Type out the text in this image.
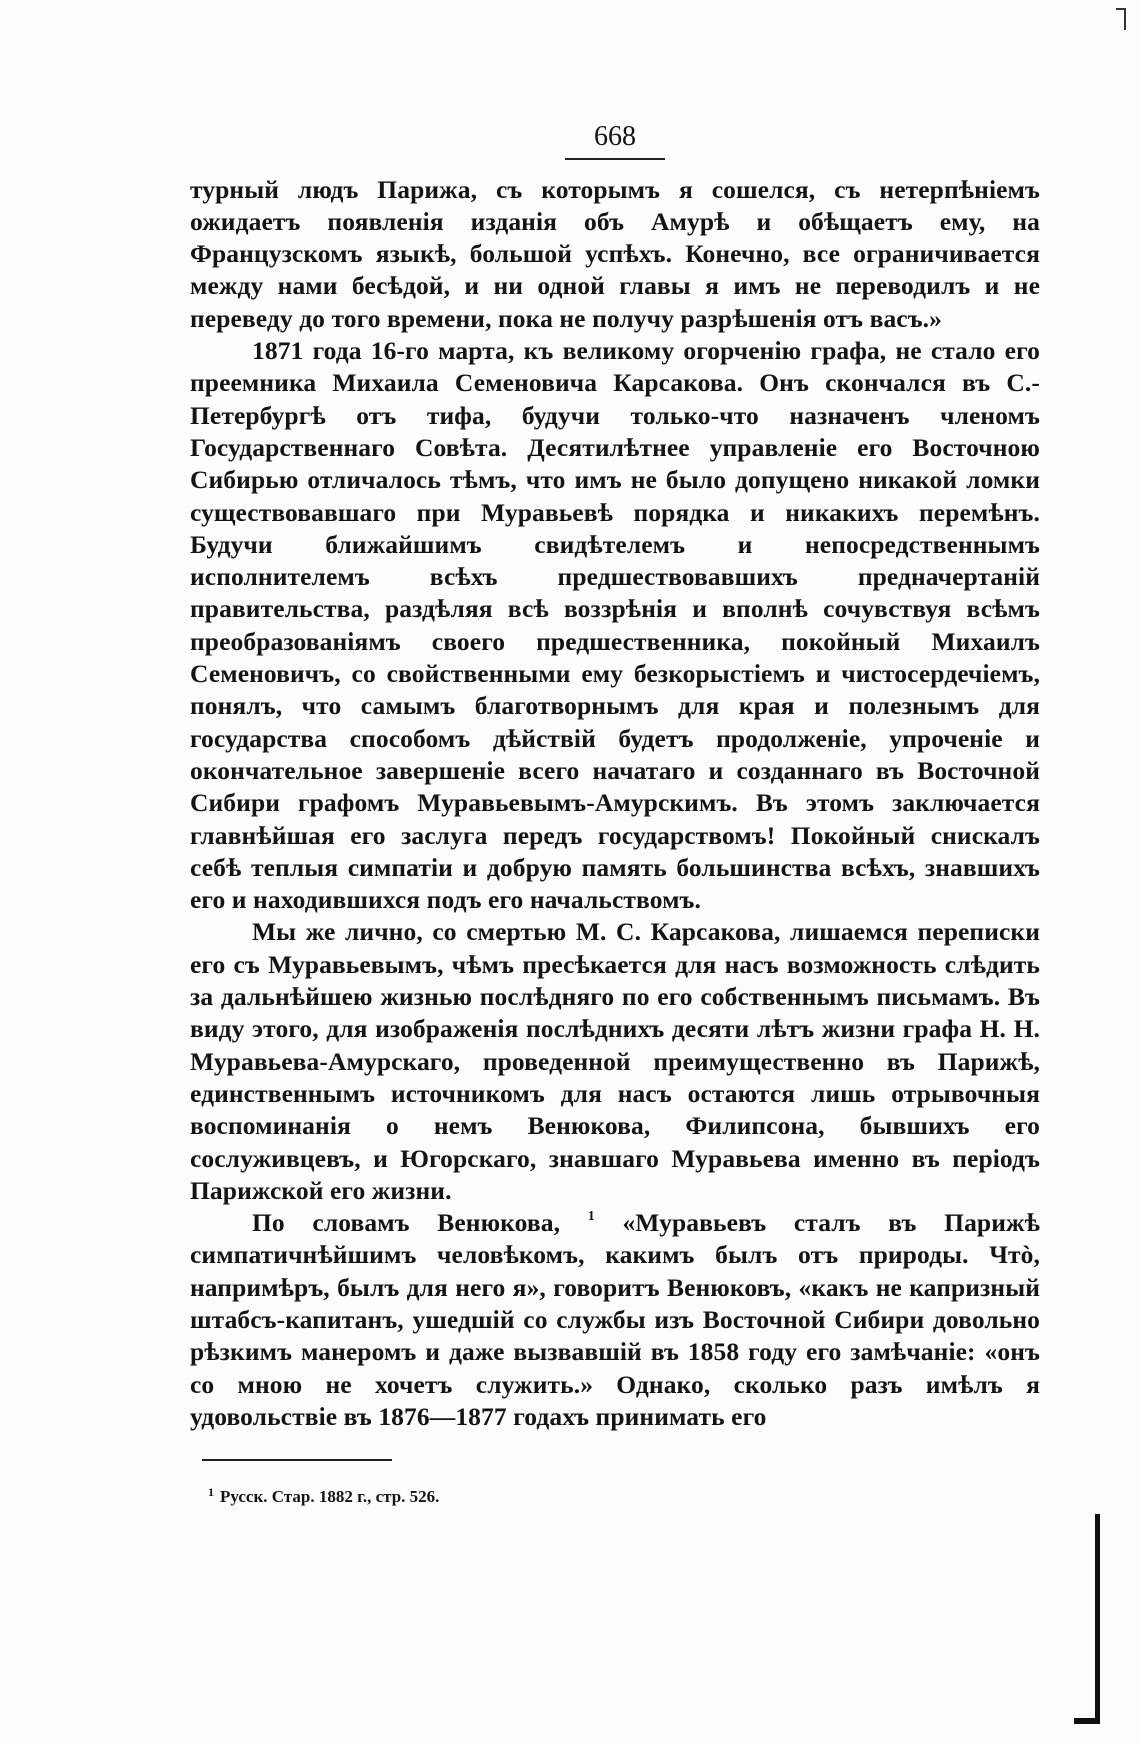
668

турный людъ Парижа, съ которымъ я сошелся, съ нетерпѣніемъ ожидаетъ появленія изданія объ Амурѣ и обѣщаетъ ему, на Французскомъ языкѣ, большой успѣхъ. Конечно, все ограничивается между нами бесѣдой, и ни одной главы я имъ не переводилъ и не переведу до того времени, пока не получу разрѣшенія отъ васъ.»

1871 года 16-го марта, къ великому огорченію графа, не стало его преемника Михаила Семеновича Карсакова. Онъ скончался въ С.-Петербургѣ отъ тифа, будучи только-что назначенъ членомъ Государственнаго Совѣта. Десятилѣтнее управленіе его Восточною Сибирью отличалось тѣмъ, что имъ не было допущено никакой ломки существовавшаго при Муравьевѣ порядка и никакихъ перемѣнъ. Будучи ближайшимъ свидѣтелемъ и непосредственнымъ исполнителемъ всѣхъ предшествовавшихъ предначертаній правительства, раздѣляя всѣ воззрѣнія и вполнѣ сочувствуя всѣмъ преобразованіямъ своего предшественника, покойный Михаилъ Семеновичъ, со свойственными ему безкорыстіемъ и чистосердечіемъ, понялъ, что самымъ благотворнымъ для края и полезнымъ для государства способомъ дѣйствій будетъ продолженіе, упроченіе и окончательное завершеніе всего начатаго и созданнаго въ Восточной Сибири графомъ Муравьевымъ-Амурскимъ. Въ этомъ заключается главнѣйшая его заслуга передъ государствомъ! Покойный снискалъ себѣ теплыя симпатіи и добрую память большинства всѣхъ, знавшихъ его и находившихся подъ его начальствомъ.

Мы же лично, со смертью М. С. Карсакова, лишаемся переписки его съ Муравьевымъ, чѣмъ пресѣкается для насъ возможность слѣдить за дальнѣйшею жизнью послѣдняго по его собственнымъ письмамъ. Въ виду этого, для изображенія послѣднихъ десяти лѣтъ жизни графа Н. Н. Муравьева-Амурскаго, проведенной преимущественно въ Парижѣ, единственнымъ источникомъ для насъ остаются лишь отрывочныя воспоминанія о немъ Венюкова, Филипсона, бывшихъ его сослуживцевъ, и Югорскаго, знавшаго Муравьева именно въ періодъ Парижской его жизни.

По словамъ Венюкова, $^1$ «Муравьевъ сталъ въ Парижѣ симпатичнѣйшимъ человѣкомъ, какимъ былъ отъ природы. Чтò, напримѣръ, былъ для него я», говоритъ Венюковъ, «какъ не капризный штабсъ-капитанъ, ушедшій со службы изъ Восточной Сибири довольно рѣзкимъ манеромъ и даже вызвавшій въ 1858 году его замѣчаніе: «онъ со мною не хочетъ служить.» Однако, сколько разъ имѣлъ я удовольствіе въ 1876—1877 годахъ принимать его

$^1$ Русск. Стар. 1882 г., стр. 526.
